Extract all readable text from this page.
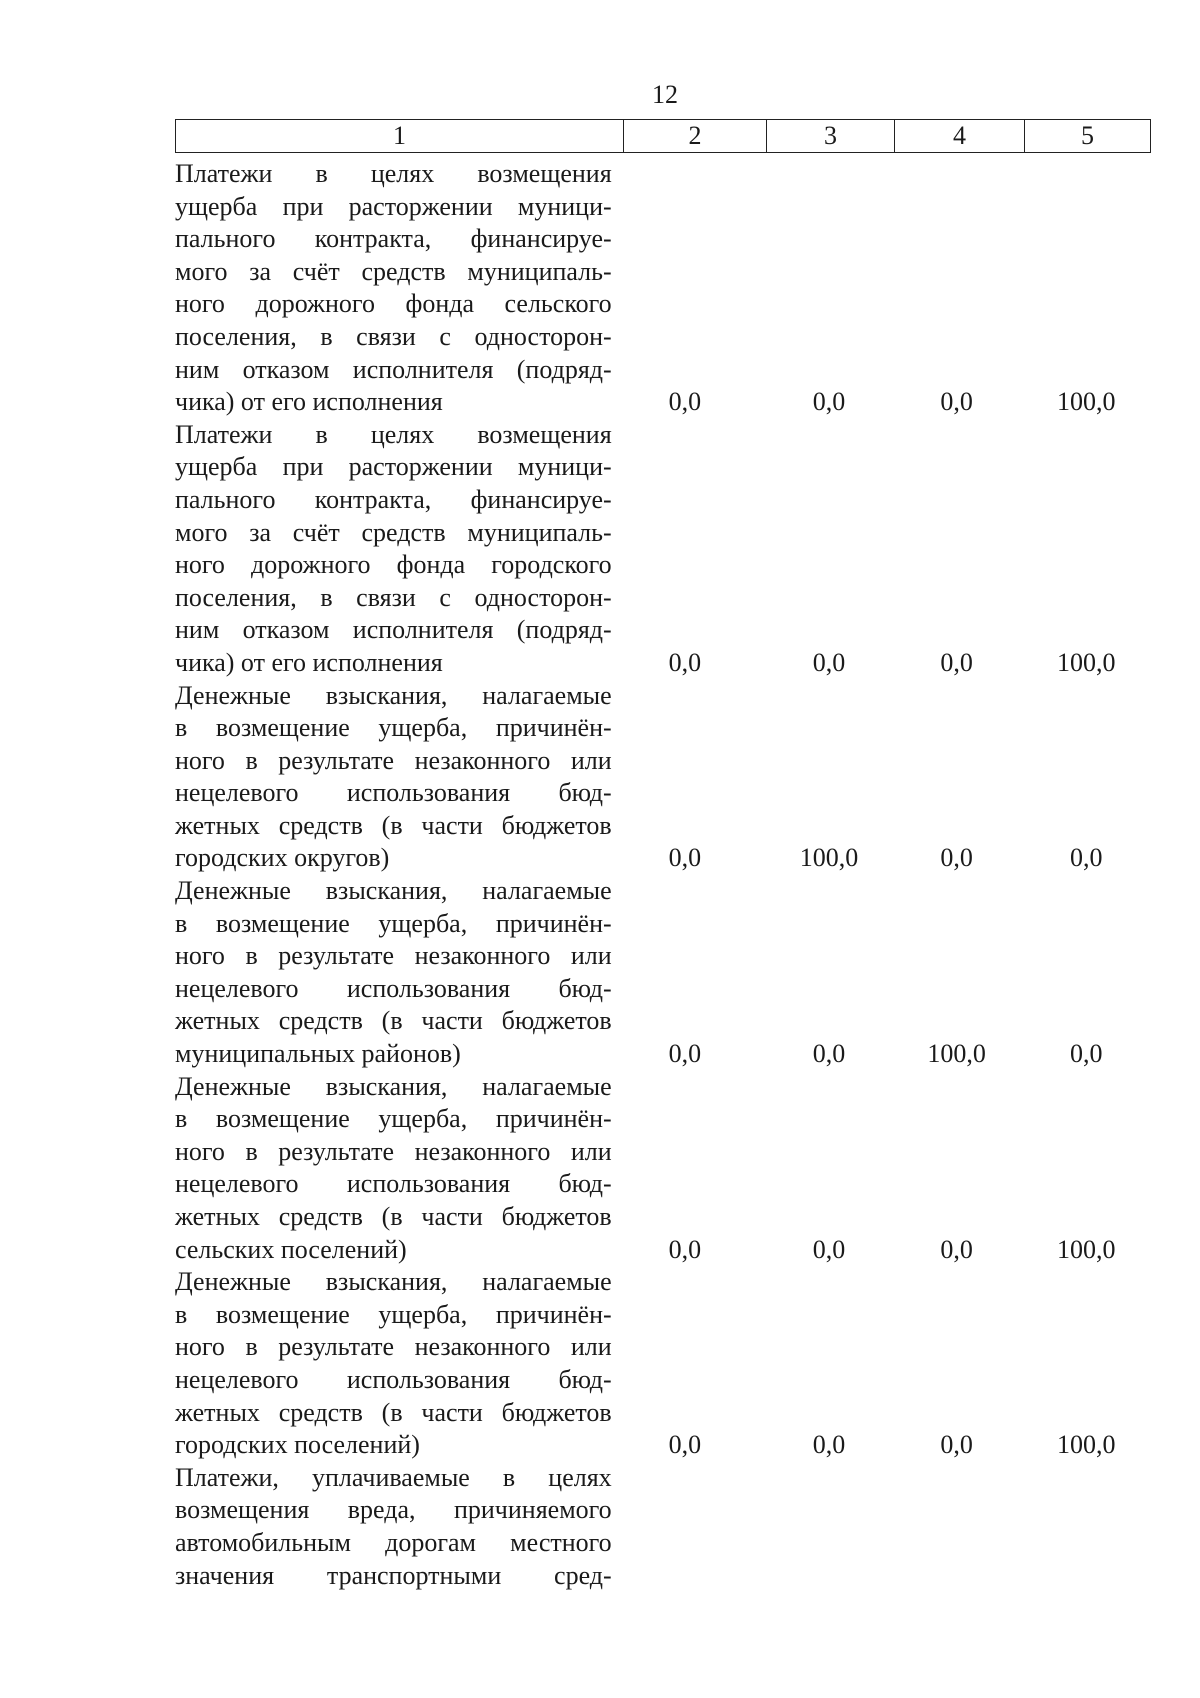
12
1	2	3	4	5
Платежи в целях возмещения
ущерба при расторжении муници-
пального контракта, финансируе-
мого за счёт средств муниципаль-
ного дорожного фонда сельского
поселения, в связи с односторон-
ним отказом исполнителя (подряд-
чика) от его исполнения	0,0	0,0	0,0	100,0
Платежи в целях возмещения
ущерба при расторжении муници-
пального контракта, финансируе-
мого за счёт средств муниципаль-
ного дорожного фонда городского
поселения, в связи с односторон-
ним отказом исполнителя (подряд-
чика) от его исполнения	0,0	0,0	0,0	100,0
Денежные взыскания, налагаемые
в возмещение ущерба, причинён-
ного в результате незаконного или
нецелевого использования бюд-
жетных средств (в части бюджетов
городских округов)	0,0	100,0	0,0	0,0
Денежные взыскания, налагаемые
в возмещение ущерба, причинён-
ного в результате незаконного или
нецелевого использования бюд-
жетных средств (в части бюджетов
муниципальных районов)	0,0	0,0	100,0	0,0
Денежные взыскания, налагаемые
в возмещение ущерба, причинён-
ного в результате незаконного или
нецелевого использования бюд-
жетных средств (в части бюджетов
сельских поселений)	0,0	0,0	0,0	100,0
Денежные взыскания, налагаемые
в возмещение ущерба, причинён-
ного в результате незаконного или
нецелевого использования бюд-
жетных средств (в части бюджетов
городских поселений)	0,0	0,0	0,0	100,0
Платежи, уплачиваемые в целях
возмещения вреда, причиняемого
автомобильным дорогам местного
значения транспортными сред-
